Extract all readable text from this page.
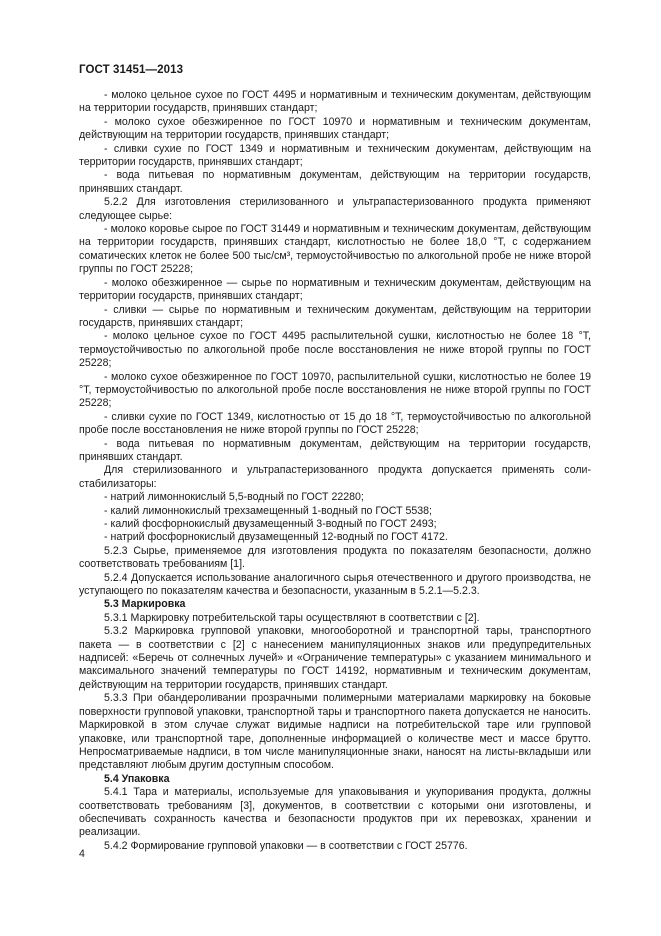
ГОСТ 31451—2013

- молоко цельное сухое по ГОСТ 4495 и нормативным и техническим документам, действующим на территории государств, принявших стандарт;

- молоко сухое обезжиренное по ГОСТ 10970 и нормативным и техническим документам, действующим на территории государств, принявших стандарт;

- сливки сухие по ГОСТ 1349 и нормативным и техническим документам, действующим на территории государств, принявших стандарт;

- вода питьевая по нормативным документам, действующим на территории государств, принявших стандарт.

5.2.2 Для изготовления стерилизованного и ультрапастеризованного продукта применяют следующее сырье:

- молоко коровье сырое по ГОСТ 31449 и нормативным и техническим документам, действующим на территории государств, принявших стандарт, кислотностью не более 18,0 °Т, с содержанием соматических клеток не более 500 тыс/см³, термоустойчивостью по алкогольной пробе не ниже второй группы по ГОСТ 25228;

- молоко обезжиренное — сырье по нормативным и техническим документам, действующим на территории государств, принявших стандарт;

- сливки — сырье по нормативным и техническим документам, действующим на территории государств, принявших стандарт;

- молоко цельное сухое по ГОСТ 4495 распылительной сушки, кислотностью не более 18 °Т, термоустойчивостью по алкогольной пробе после восстановления не ниже второй группы по ГОСТ 25228;

- молоко сухое обезжиренное по ГОСТ 10970, распылительной сушки, кислотностью не более 19 °Т, термоустойчивостью по алкогольной пробе после восстановления не ниже второй группы по ГОСТ 25228;

- сливки сухие по ГОСТ 1349, кислотностью от 15 до 18 °Т, термоустойчивостью по алкогольной пробе после восстановления не ниже второй группы по ГОСТ 25228;

- вода питьевая по нормативным документам, действующим на территории государств, принявших стандарт.

Для стерилизованного и ультрапастеризованного продукта допускается применять соли-стабилизаторы:

- натрий лимоннокислый 5,5-водный по ГОСТ 22280;

- калий лимоннокислый трехзамещенный 1-водный по ГОСТ 5538;

- калий фосфорнокислый двузамещенный 3-водный по ГОСТ 2493;

- натрий фосфорнокислый двузамещенный 12-водный по ГОСТ 4172.

5.2.3 Сырье, применяемое для изготовления продукта по показателям безопасности, должно соответствовать требованиям [1].

5.2.4 Допускается использование аналогичного сырья отечественного и другого производства, не уступающего по показателям качества и безопасности, указанным в 5.2.1—5.2.3.

5.3 Маркировка

5.3.1 Маркировку потребительской тары осуществляют в соответствии с [2].

5.3.2 Маркировка групповой упаковки, многооборотной и транспортной тары, транспортного пакета — в соответствии с [2] с нанесением манипуляционных знаков или предупредительных надписей: «Беречь от солнечных лучей» и «Ограничение температуры» с указанием минимального и максимального значений температуры по ГОСТ 14192, нормативным и техническим документам, действующим на территории государств, принявших стандарт.

5.3.3 При обандероливании прозрачными полимерными материалами маркировку на боковые поверхности групповой упаковки, транспортной тары и транспортного пакета допускается не наносить. Маркировкой в этом случае служат видимые надписи на потребительской таре или групповой упаковке, или транспортной таре, дополненные информацией о количестве мест и массе брутто. Непросматриваемые надписи, в том числе манипуляционные знаки, наносят на листы-вкладыши или представляют любым другим доступным способом.

5.4 Упаковка

5.4.1 Тара и материалы, используемые для упаковывания и укупоривания продукта, должны соответствовать требованиям [3], документов, в соответствии с которыми они изготовлены, и обеспечивать сохранность качества и безопасности продуктов при их перевозках, хранении и реализации.

5.4.2 Формирование групповой упаковки — в соответствии с ГОСТ 25776.

4
